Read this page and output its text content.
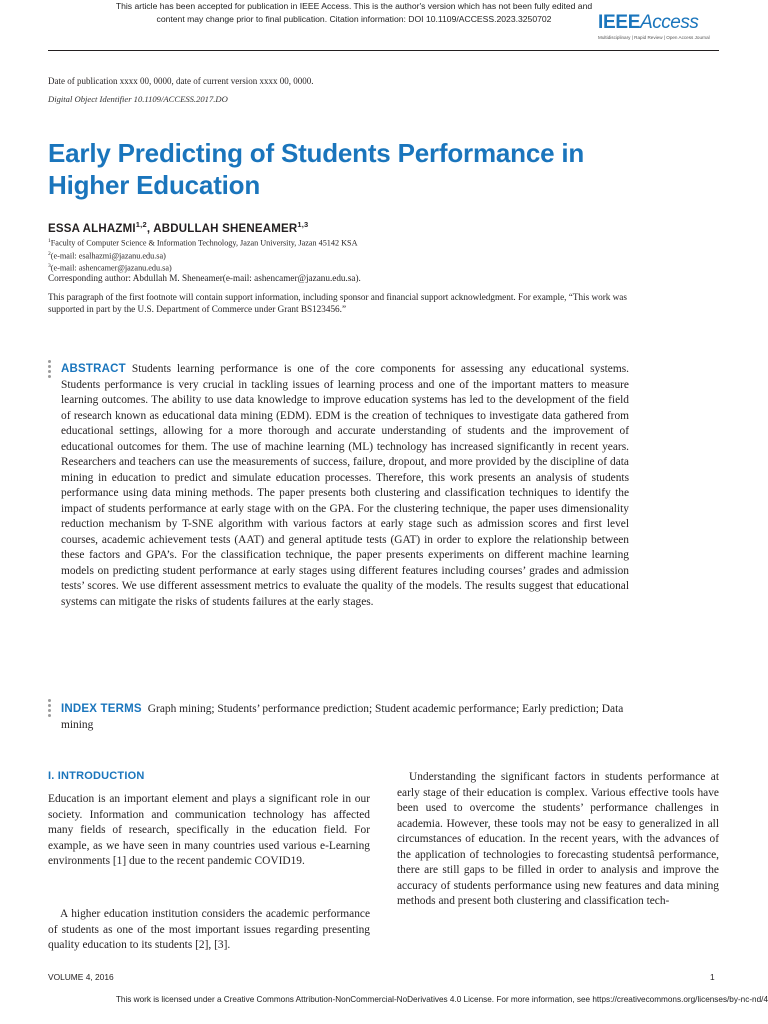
This article has been accepted for publication in IEEE Access. This is the author's version which has not been fully edited and
content may change prior to final publication. Citation information: DOI 10.1109/ACCESS.2023.3250702	IEEEAccess
Multidisciplinary | Rapid Review | Open Access Journal
Date of publication xxxx 00, 0000, date of current version xxxx 00, 0000.
Digital Object Identifier 10.1109/ACCESS.2017.DO
Early Predicting of Students Performance in Higher Education
ESSA ALHAZMI$^{1,2}$, ABDULLAH SHENEAMER$^{1,3}$
$^1$Faculty of Computer Science & Information Technology, Jazan University, Jazan 45142 KSA
$^2$(e-mail: esalhazmi@jazanu.edu.sa)
$^3$(e-mail: ashencamer@jazanu.edu.sa)
Corresponding author: Abdullah M. Sheneamer(e-mail: ashencamer@jazanu.edu.sa).
This paragraph of the first footnote will contain support information, including sponsor and financial support acknowledgment. For example, “This work was supported in part by the U.S. Department of Commerce under Grant BS123456.”

ABSTRACT Students learning performance is one of the core components for assessing any educational systems. Students performance is very crucial in tackling issues of learning process and one of the important matters to measure learning outcomes. The ability to use data knowledge to improve education systems has led to the development of the field of research known as educational data mining (EDM). EDM is the creation of techniques to investigate data gathered from educational settings, allowing for a more thorough and accurate understanding of students and the improvement of educational outcomes for them. The use of machine learning (ML) technology has increased significantly in recent years. Researchers and teachers can use the measurements of success, failure, dropout, and more provided by the discipline of data mining in education to predict and simulate education processes. Therefore, this work presents an analysis of students performance using data mining methods. The paper presents both clustering and classification techniques to identify the impact of students performance at early stage with on the GPA. For the clustering technique, the paper uses dimensionality reduction mechanism by T-SNE algorithm with various factors at early stage such as admission scores and first level courses, academic achievement tests (AAT) and general aptitude tests (GAT) in order to explore the relationship between these factors and GPA’s. For the classification technique, the paper presents experiments on different machine learning models on predicting student performance at early stages using different features including courses’ grades and admission tests’ scores. We use different assessment metrics to evaluate the quality of the models. The results suggest that educational systems can mitigate the risks of students failures at the early stages.

INDEX TERMS Graph mining; Students’ performance prediction; Student academic performance; Early prediction; Data mining

I. INTRODUCTION

Education is an important element and plays a significant role in our society. Information and communication technology has affected many fields of research, specifically in the education field. For example, as we have seen in many countries used various e-Learning environments [1] due to the recent pandemic COVID19.

A higher education institution considers the academic performance of students as one of the most important issues regarding presenting quality education to its students [2], [3].

Understanding the significant factors in students performance at early stage of their education is complex. Various effective tools have been used to overcome the students’ performance challenges in academia. However, these tools may not be easy to generalized in all circumstances of education. In the recent years, with the advances of the application of technologies to forecasting studentsâ performance, there are still gaps to be filled in order to analysis and improve the accuracy of students performance using new features and data mining methods and present both clustering and classification tech-

VOLUME 4, 2016	1
This work is licensed under a Creative Commons Attribution-NonCommercial-NoDerivatives 4.0 License. For more information, see https://creativecommons.org/licenses/by-nc-nd/4
